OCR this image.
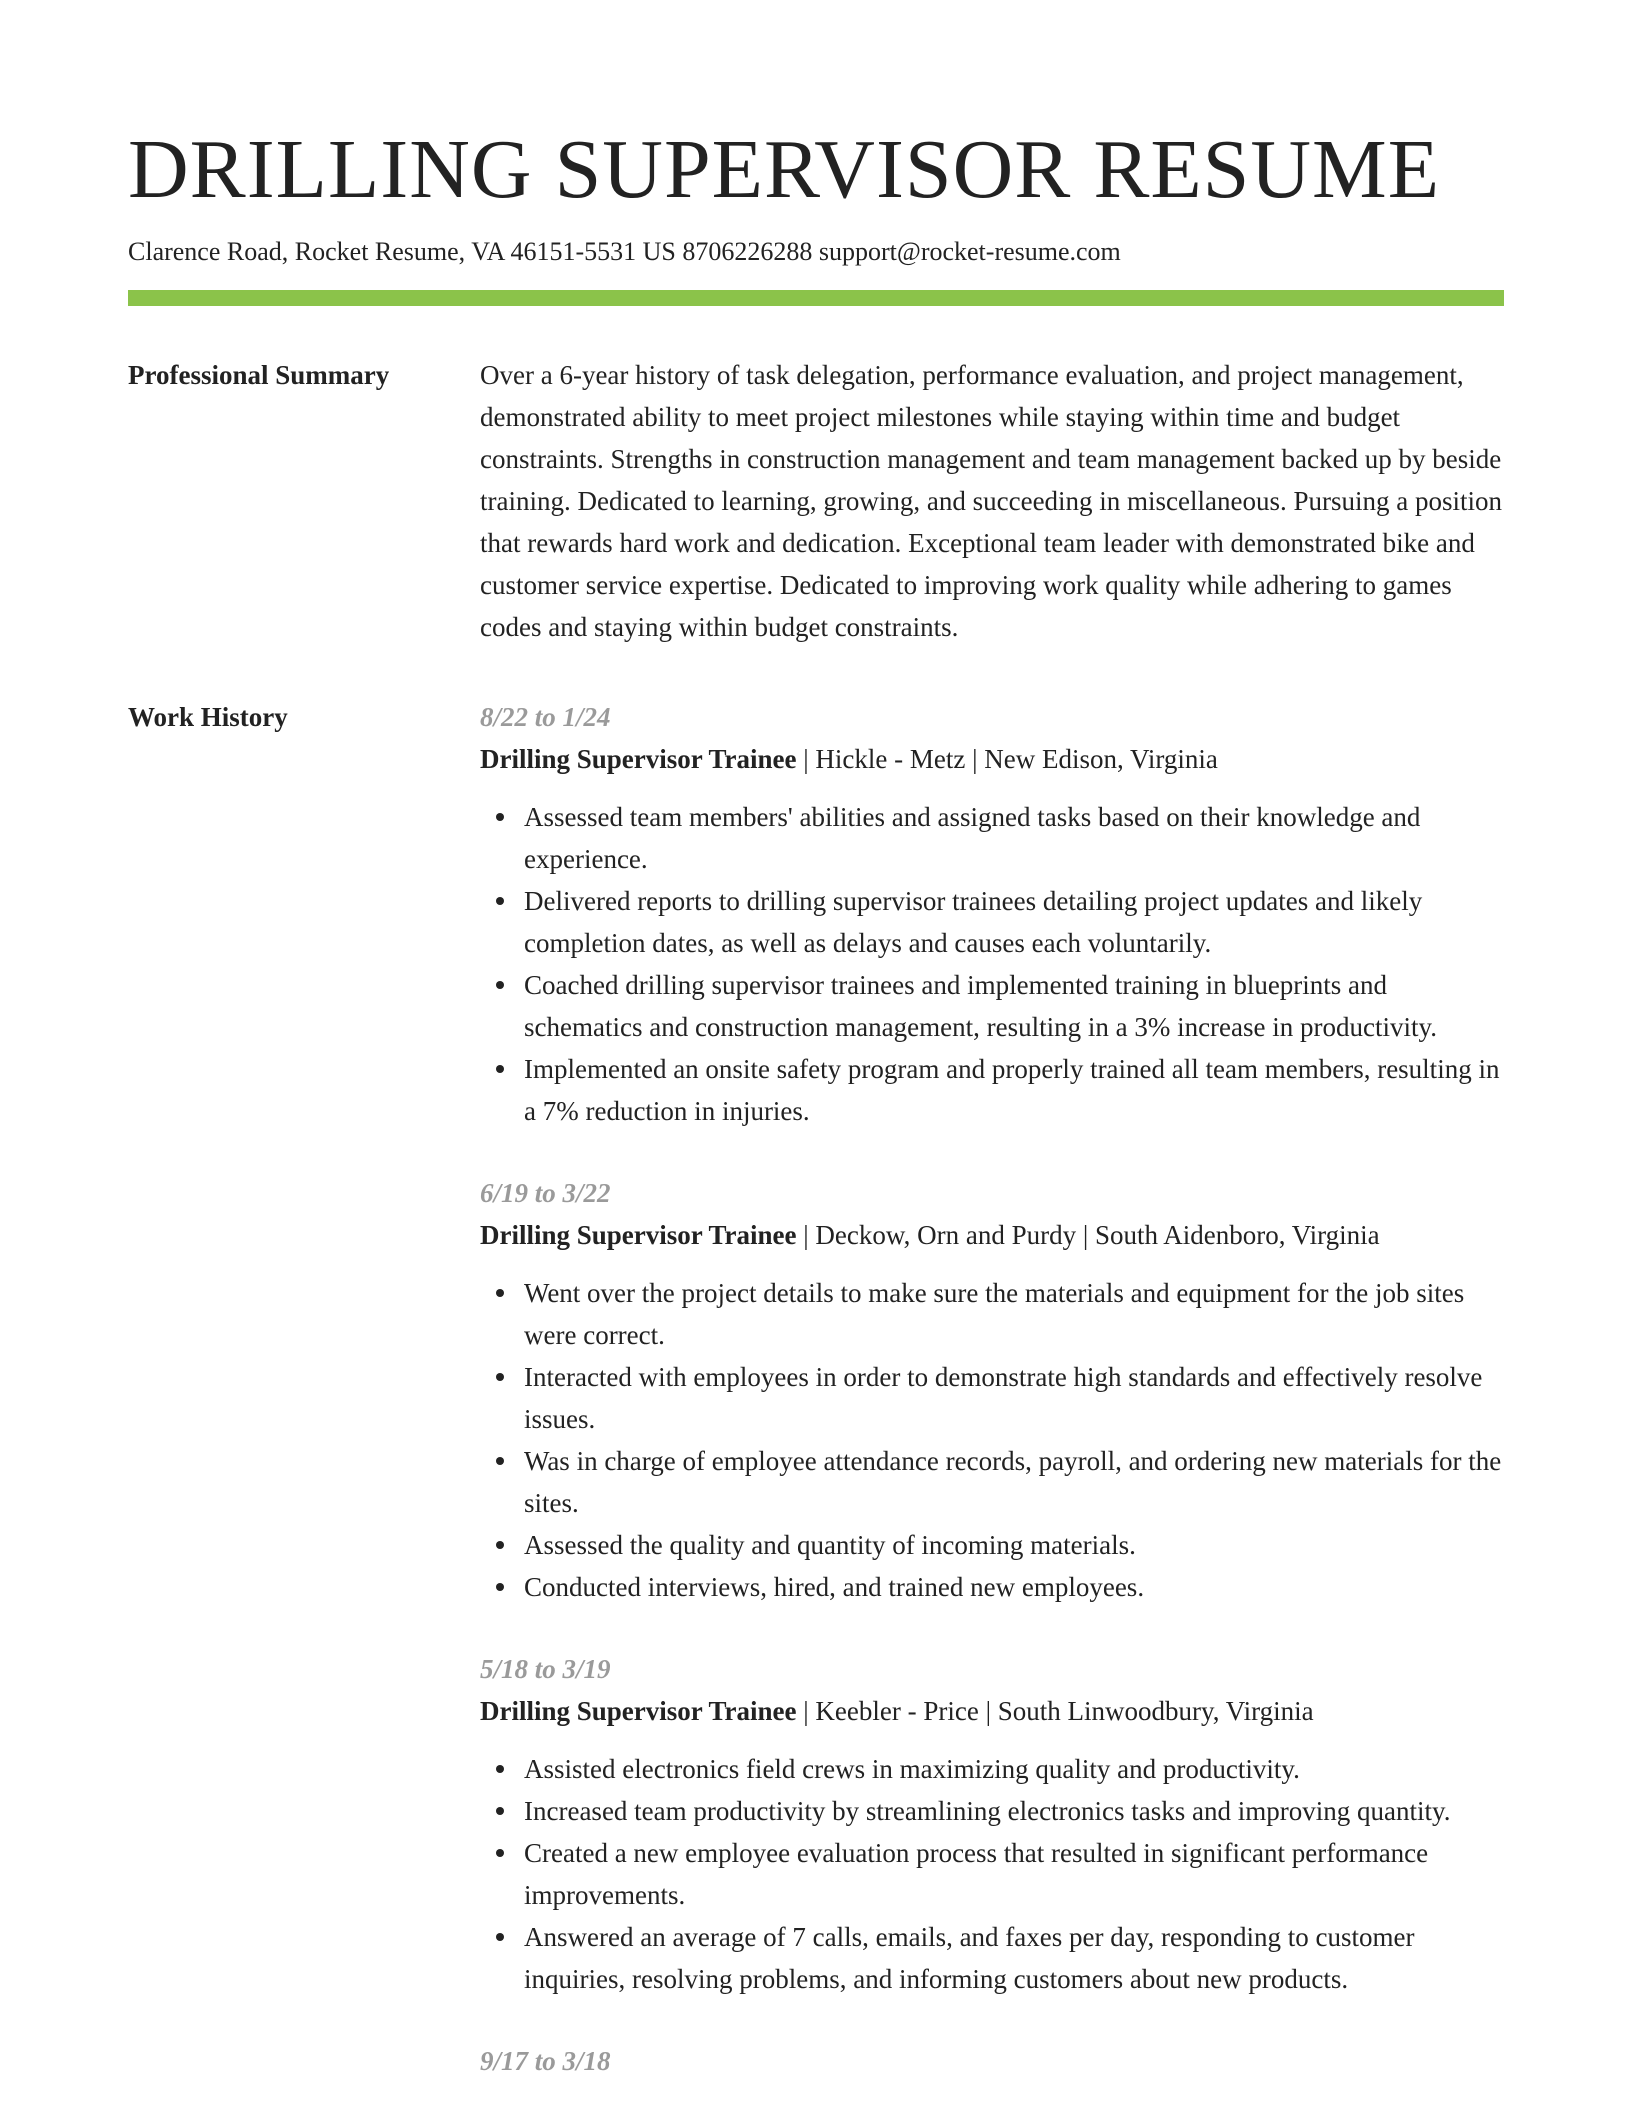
DRILLING SUPERVISOR RESUME
Clarence Road, Rocket Resume, VA 46151-5531 US 8706226288 support@rocket-resume.com
Professional Summary	Over a 6-year history of task delegation, performance evaluation, and project management, demonstrated ability to meet project milestones while staying within time and budget constraints. Strengths in construction management and team management backed up by beside training. Dedicated to learning, growing, and succeeding in miscellaneous. Pursuing a position that rewards hard work and dedication. Exceptional team leader with demonstrated bike and customer service expertise. Dedicated to improving work quality while adhering to games codes and staying within budget constraints.

Work History	8/22 to 1/24
Drilling Supervisor Trainee | Hickle - Metz | New Edison, Virginia
Assessed team members' abilities and assigned tasks based on their knowledge and experience.
Delivered reports to drilling supervisor trainees detailing project updates and likely completion dates, as well as delays and causes each voluntarily.
Coached drilling supervisor trainees and implemented training in blueprints and schematics and construction management, resulting in a 3% increase in productivity.
Implemented an onsite safety program and properly trained all team members, resulting in a 7% reduction in injuries.
6/19 to 3/22
Drilling Supervisor Trainee | Deckow, Orn and Purdy | South Aidenboro, Virginia
Went over the project details to make sure the materials and equipment for the job sites were correct.
Interacted with employees in order to demonstrate high standards and effectively resolve issues.
Was in charge of employee attendance records, payroll, and ordering new materials for the sites.
Assessed the quality and quantity of incoming materials.
Conducted interviews, hired, and trained new employees.
5/18 to 3/19
Drilling Supervisor Trainee | Keebler - Price | South Linwoodbury, Virginia
Assisted electronics field crews in maximizing quality and productivity.
Increased team productivity by streamlining electronics tasks and improving quantity.
Created a new employee evaluation process that resulted in significant performance improvements.
Answered an average of 7 calls, emails, and faxes per day, responding to customer inquiries, resolving problems, and informing customers about new products.
9/17 to 3/18
